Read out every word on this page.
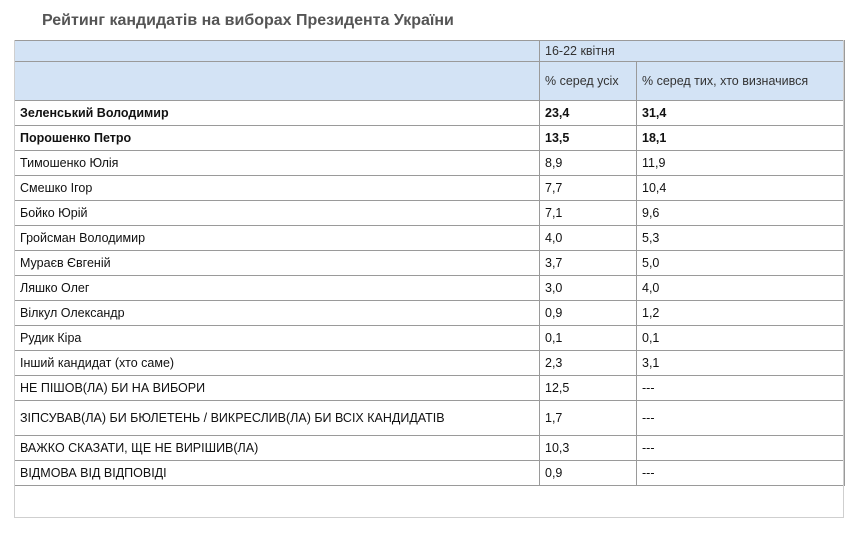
Рейтинг кандидатів на виборах Президента України
	16-22 квітня	
	% серед усіх	% серед тих, хто визначився
Зеленський Володимир	23,4	31,4
Порошенко Петро	13,5	18,1
Тимошенко Юлія	8,9	11,9
Смешко Ігор	7,7	10,4
Бойко Юрій	7,1	9,6
Гройсман Володимир	4,0	5,3
Мураєв Євгеній	3,7	5,0
Ляшко Олег	3,0	4,0
Вілкул Олександр	0,9	1,2
Рудик Кіра	0,1	0,1
Інший кандидат (хто саме)	2,3	3,1
НЕ ПІШОВ(ЛА) БИ НА ВИБОРИ	12,5	---
ЗІПСУВАВ(ЛА) БИ БЮЛЕТЕНЬ / ВИКРЕСЛИВ(ЛА) БИ ВСІХ КАНДИДАТІВ	1,7	---
ВАЖКО СКАЗАТИ, ЩЕ НЕ ВИРІШИВ(ЛА)	10,3	---
ВІДМОВА ВІД ВІДПОВІДІ	0,9	---
